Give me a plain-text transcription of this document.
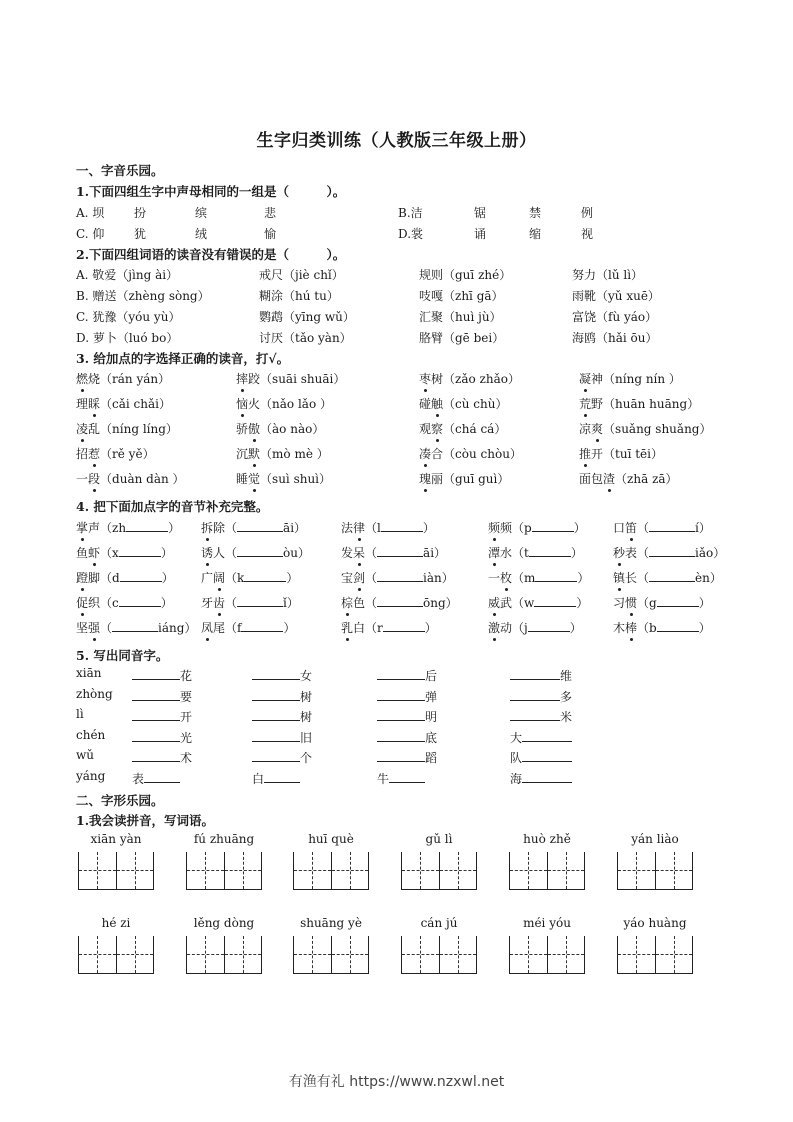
生字归类训练（人教版三年级上册）
一、字音乐园。
1.下面四组生字中声母相同的一组是（　　　）。
A. 坝 扮	缤	悲	B.洁	锯	禁	例
C. 仰 犹	绒	愉	D.裳	诵	缩	视
2.下面四组词语的读音没有错误的是（　　　）。
A. 敬爱（jìng ài）	戒尺（jiè chǐ）	规则（guī zhé）	努力（lǔ lì）
B. 赠送（zhèng sòng）	糊涂（hú tu）	吱嘎（zhī gā）	雨靴（yǔ xuē）
C. 犹豫（yóu yù）	鹦鹉（yīng wǔ）	汇聚（huì jù）	富饶（fù yáo）
D. 萝卜（luó bo）	讨厌（tǎo yàn）	胳臂（gē bei）	海鸥（hǎi ōu）
3. 给加点的字选择正确的读音，打√。
燃烧（rán yán）	摔跤（suāi shuāi）	枣树（zǎo zhǎo）	凝神（níng nín ）
理睬（cǎi chǎi）	恼火（nǎo lǎo ）	碰触（cù chù）	荒野（huān huāng）
凌乱（níng líng）	骄傲（ào nào）	观察（chá cá）	凉爽（suǎng shuǎng）
招惹（rě yě）	沉默（mò mè ）	凑合（còu chòu）	推开（tuī tēi）
一段（duàn dàn ）	睡觉（suì shuì）	瑰丽（guī guì）	面包渣（zhā zā）
4. 把下面加点字的音节补充完整。
掌声（zh	） 拆除（	āi）	法律（l	）	频频（p	） 口笛（	í）
鱼虾（x	） 诱人（	òu）	发呆（	āi）	潭水（t	）	秒表（	iǎo）
蹬脚（d	） 广阔（k	）	宝剑（	iàn）	一枚（m	） 镇长（	èn）
促织（c	） 牙齿（	ǐ）	棕色（	ōng）	威武（w	） 习惯（g	）
坚强（	iáng） 凤尾（f	）	乳白（r	）	激动（j	）	木棒（b	）
5. 写出同音字。
xiān	花	女	后	维
zhòng	要	树	弹	多
lì	开	树	明	米
chén	光	旧	底	大
wǔ	术	个	蹈	队
yáng 表	白	牛	海
二、字形乐园。
1.我会读拼音，写词语。
xiān yàn	fú zhuāng	huī què	gǔ lì	huò zhě	yán liào
hé zi	lěng dòng	shuāng yè	cán jú	méi yóu	yáo huàng
有渔有礼 https://www.nzxwl.net
